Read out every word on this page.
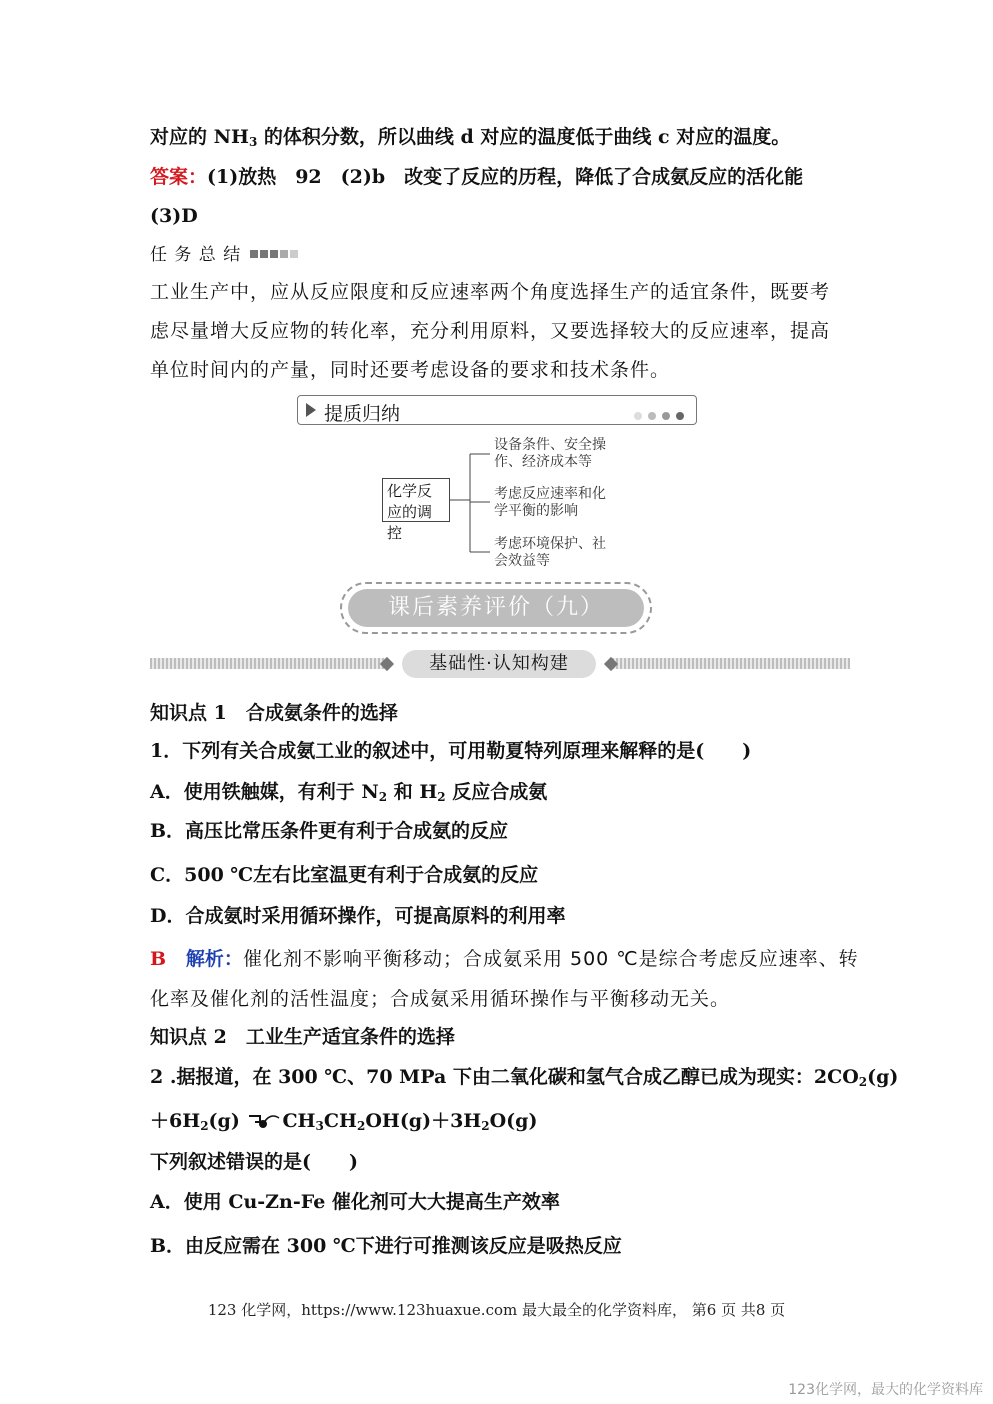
对应的 $NH_3$ 的体积分数，所以曲线 d 对应的温度低于曲线 c 对应的温度。
答案：(1)放热　92　(2)b　改变了反应的历程，降低了合成氨反应的活化能
(3)D
任 务 总 结
工业生产中，应从反应限度和反应速率两个角度选择生产的适宜条件，既要考
虑尽量增大反应物的转化率，充分利用原料，又要选择较大的反应速率，提高
单位时间内的产量，同时还要考虑设备的要求和技术条件。
提质归纳
化学反应的调控
设备条件、安全操作、经济成本等
考虑反应速率和化学平衡的影响
考虑环境保护、社会效益等
课后素养评价（九）
基础性·认知构建
知识点 1　合成氨条件的选择
1．下列有关合成氨工业的叙述中，可用勒夏特列原理来解释的是(　　)
A．使用铁触媒，有利于 $N_2$ 和 $H_2$ 反应合成氨
B．高压比常压条件更有利于合成氨的反应
C．500 ℃左右比室温更有利于合成氨的反应
D．合成氨时采用循环操作，可提高原料的利用率
B 解析：催化剂不影响平衡移动；合成氨采用 500 ℃是综合考虑反应速率、转
化率及催化剂的活性温度；合成氨采用循环操作与平衡移动无关。
知识点 2　工业生产适宜条件的选择
2 .据报道，在 300 ℃、70 MPa 下由二氧化碳和氢气合成乙醇已成为现实：$2CO_2(g)$
$+6H_2(g)$ $CH_3CH_2OH(g)+3H_2O(g)$
下列叙述错误的是(　　)
A．使用 Cu-Zn-Fe 催化剂可大大提高生产效率
B．由反应需在 300 ℃下进行可推测该反应是吸热反应
123 化学网，https://www.123huaxue.com 最大最全的化学资料库， 第6 页 共8 页
123化学网，最大的化学资料库
